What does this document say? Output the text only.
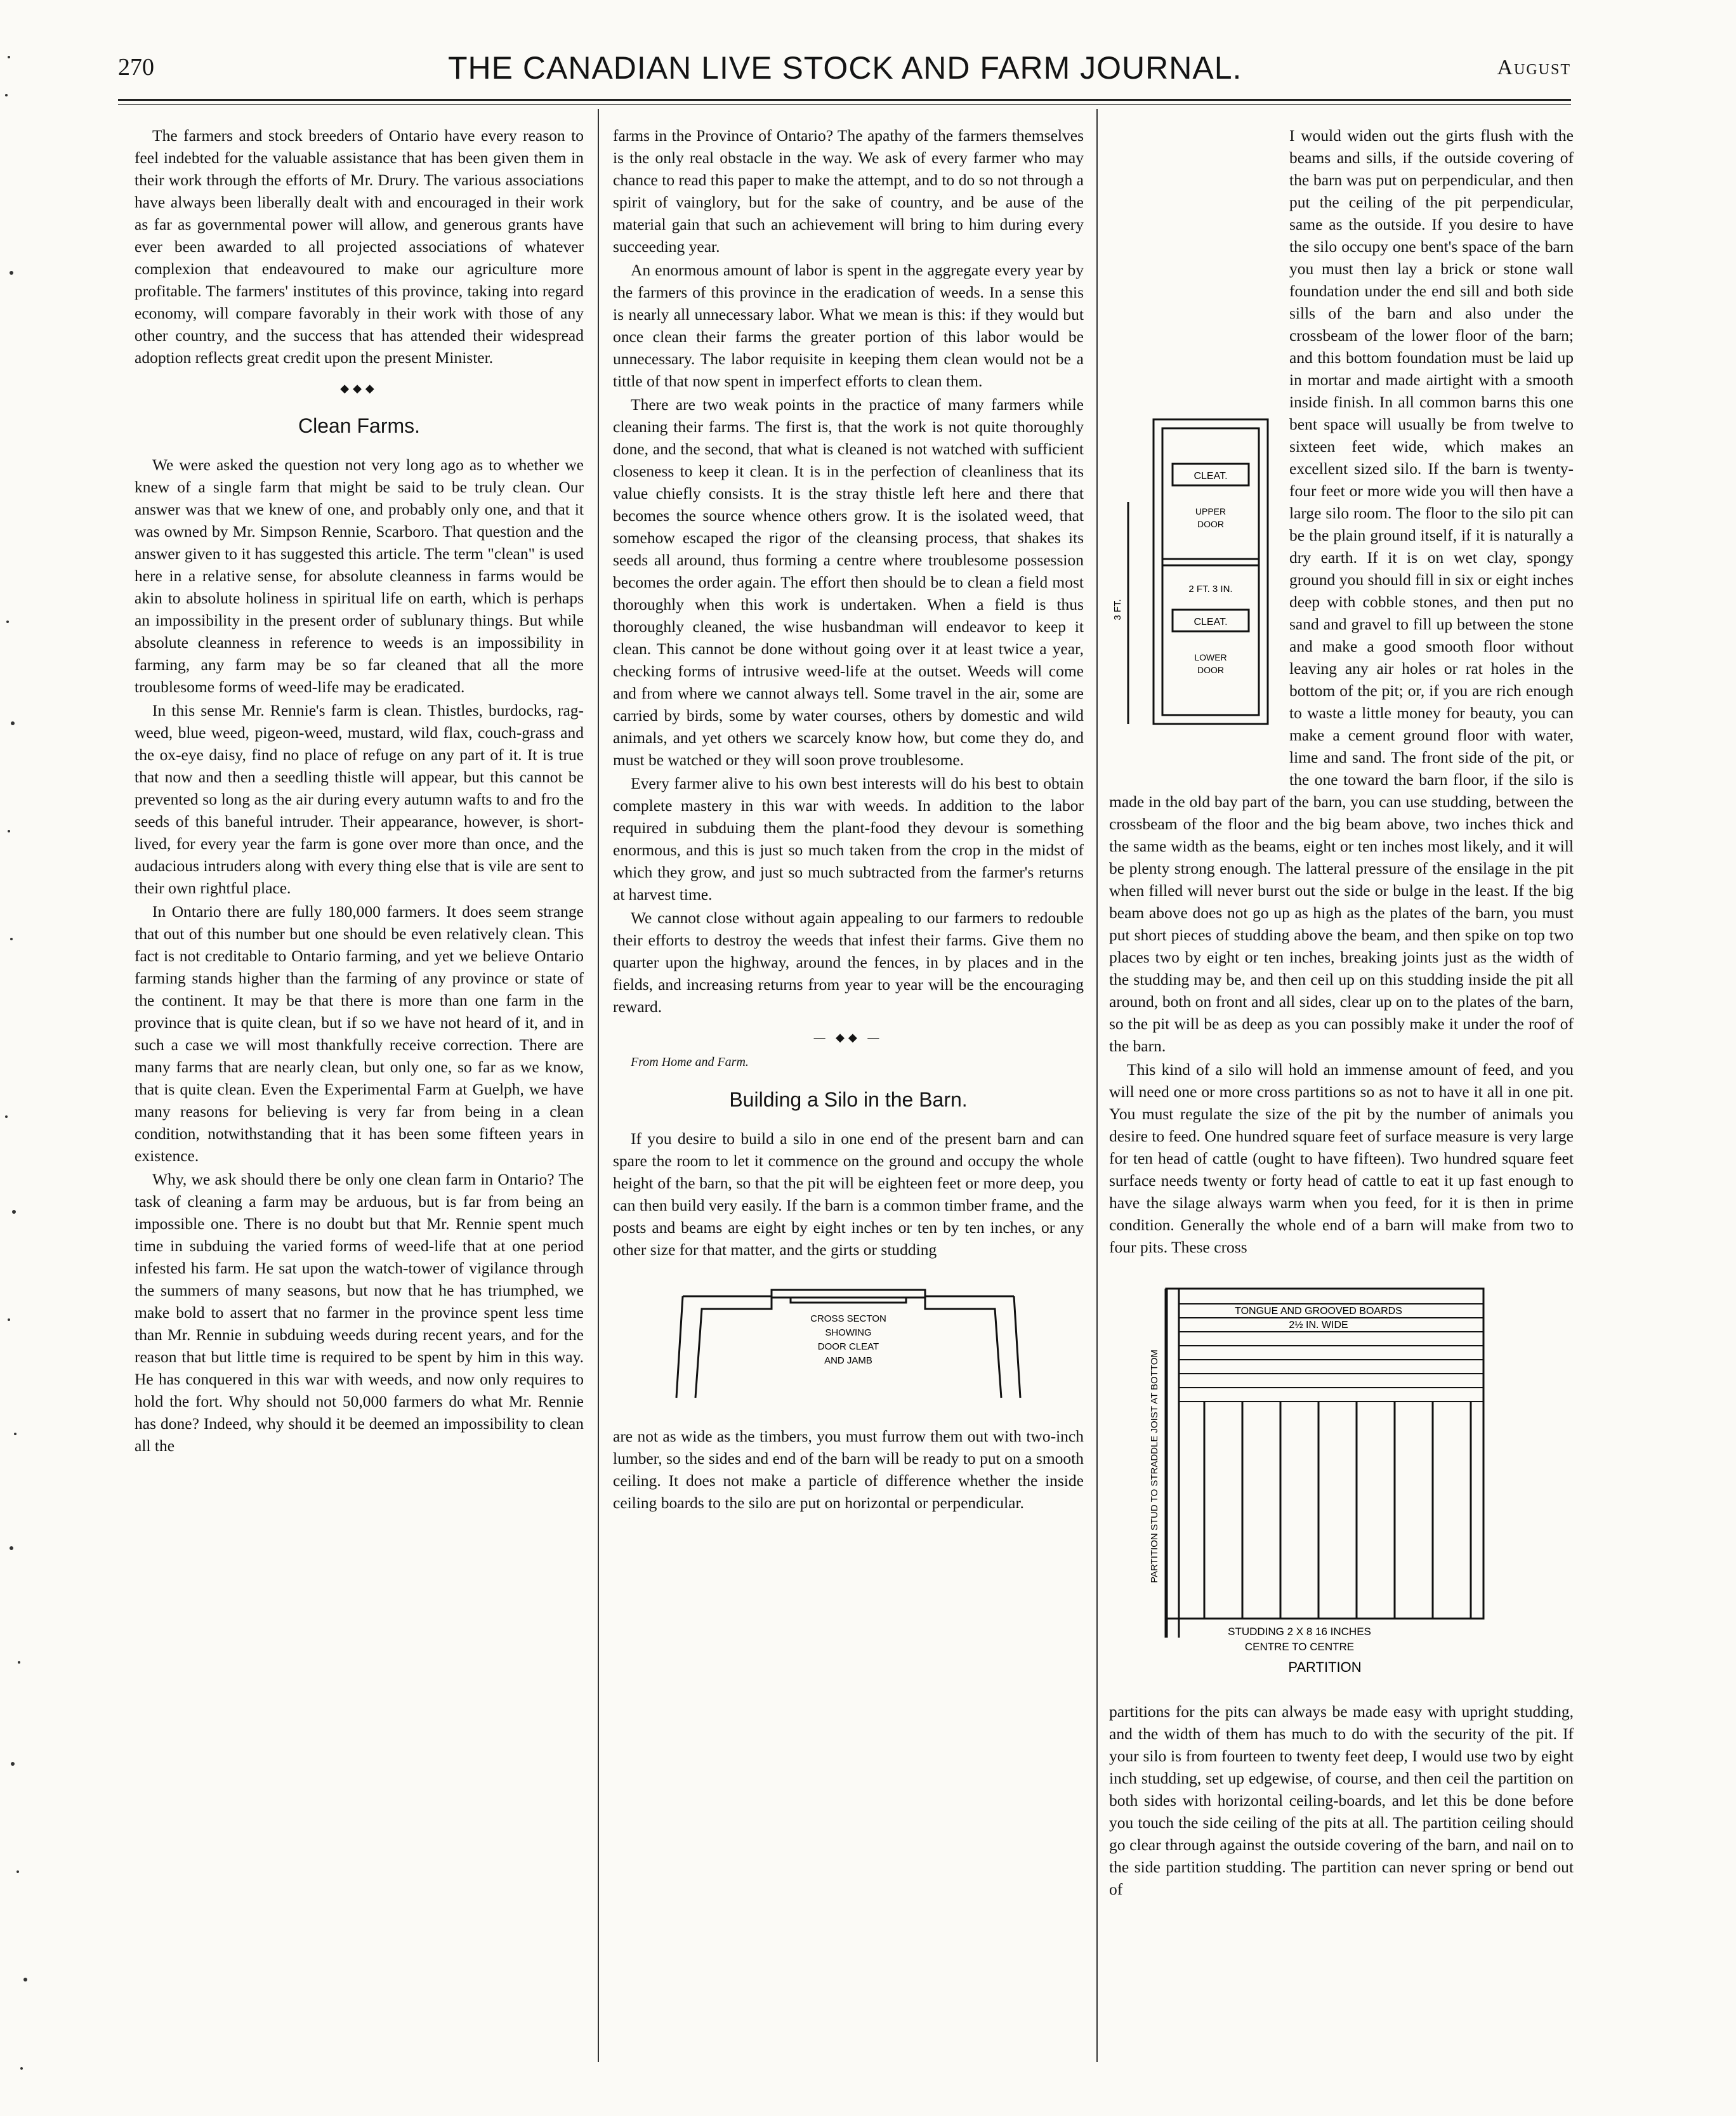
270	THE CANADIAN LIVE STOCK AND FARM JOURNAL.	August

The farmers and stock breeders of Ontario have every reason to feel indebted for the valuable assistance that has been given them in their work through the efforts of Mr. Drury. The various associations have always been liberally dealt with and encouraged in their work as far as governmental power will allow, and generous grants have ever been awarded to all projected associations of whatever complexion that endeavoured to make our agriculture more profitable. The farmers' institutes of this province, taking into regard economy, will compare favorably in their work with those of any other country, and the success that has attended their widespread adoption reflects great credit upon the present Minister.

◆◆◆
Clean Farms.

We were asked the question not very long ago as to whether we knew of a single farm that might be said to be truly clean. Our answer was that we knew of one, and probably only one, and that it was owned by Mr. Simpson Rennie, Scarboro. That question and the answer given to it has suggested this article. The term "clean" is used here in a relative sense, for absolute cleanness in farms would be akin to absolute holiness in spiritual life on earth, which is perhaps an impossibility in the present order of sublunary things. But while absolute cleanness in reference to weeds is an impossibility in farming, any farm may be so far cleaned that all the more troublesome forms of weed-life may be eradicated.

In this sense Mr. Rennie's farm is clean. Thistles, burdocks, rag-weed, blue weed, pigeon-weed, mustard, wild flax, couch-grass and the ox-eye daisy, find no place of refuge on any part of it. It is true that now and then a seedling thistle will appear, but this cannot be prevented so long as the air during every autumn wafts to and fro the seeds of this baneful intruder. Their appearance, however, is short-lived, for every year the farm is gone over more than once, and the audacious intruders along with every thing else that is vile are sent to their own rightful place.

In Ontario there are fully 180,000 farmers. It does seem strange that out of this number but one should be even relatively clean. This fact is not creditable to Ontario farming, and yet we believe Ontario farming stands higher than the farming of any province or state of the continent. It may be that there is more than one farm in the province that is quite clean, but if so we have not heard of it, and in such a case we will most thankfully receive correction. There are many farms that are nearly clean, but only one, so far as we know, that is quite clean. Even the Experimental Farm at Guelph, we have many reasons for believing is very far from being in a clean condition, notwithstanding that it has been some fifteen years in existence.

Why, we ask should there be only one clean farm in Ontario? The task of cleaning a farm may be arduous, but is far from being an impossible one. There is no doubt but that Mr. Rennie spent much time in subduing the varied forms of weed-life that at one period infested his farm. He sat upon the watch-tower of vigilance through the summers of many seasons, but now that he has triumphed, we make bold to assert that no farmer in the province spent less time than Mr. Rennie in subduing weeds during recent years, and for the reason that but little time is required to be spent by him in this way. He has conquered in this war with weeds, and now only requires to hold the fort. Why should not 50,000 farmers do what Mr. Rennie has done? Indeed, why should it be deemed an impossibility to clean all the

farms in the Province of Ontario? The apathy of the farmers themselves is the only real obstacle in the way. We ask of every farmer who may chance to read this paper to make the attempt, and to do so not through a spirit of vainglory, but for the sake of country, and be ause of the material gain that such an achievement will bring to him during every succeeding year.

An enormous amount of labor is spent in the aggregate every year by the farmers of this province in the eradication of weeds. In a sense this is nearly all unnecessary labor. What we mean is this: if they would but once clean their farms the greater portion of this labor would be unnecessary. The labor requisite in keeping them clean would not be a tittle of that now spent in imperfect efforts to clean them.

There are two weak points in the practice of many farmers while cleaning their farms. The first is, that the work is not quite thoroughly done, and the second, that what is cleaned is not watched with sufficient closeness to keep it clean. It is in the perfection of cleanliness that its value chiefly consists. It is the stray thistle left here and there that becomes the source whence others grow. It is the isolated weed, that somehow escaped the rigor of the cleansing process, that shakes its seeds all around, thus forming a centre where troublesome possession becomes the order again. The effort then should be to clean a field most thoroughly when this work is undertaken. When a field is thus thoroughly cleaned, the wise husbandman will endeavor to keep it clean. This cannot be done without going over it at least twice a year, checking forms of intrusive weed-life at the outset. Weeds will come and from where we cannot always tell. Some travel in the air, some are carried by birds, some by water courses, others by domestic and wild animals, and yet others we scarcely know how, but come they do, and must be watched or they will soon prove troublesome.

Every farmer alive to his own best interests will do his best to obtain complete mastery in this war with weeds. In addition to the labor required in subduing them the plant-food they devour is something enormous, and this is just so much taken from the crop in the midst of which they grow, and just so much subtracted from the farmer's returns at harvest time.

We cannot close without again appealing to our farmers to redouble their efforts to destroy the weeds that infest their farms. Give them no quarter upon the highway, around the fences, in by places and in the fields, and increasing returns from year to year will be the encouraging reward.

— ◆◆ —

From Home and Farm.

Building a Silo in the Barn.

If you desire to build a silo in one end of the present barn and can spare the room to let it commence on the ground and occupy the whole height of the barn, so that the pit will be eighteen feet or more deep, you can then build very easily. If the barn is a common timber frame, and the posts and beams are eight by eight inches or ten by ten inches, or any other size for that matter, and the girts or studding

CROSS SECTON
SHOWING
DOOR CLEAT
AND JAMB

are not as wide as the timbers, you must furrow them out with two-inch lumber, so the sides and end of the barn will be ready to put on a smooth ceiling. It does not make a particle of difference whether the inside ceiling boards to the silo are put on horizontal or perpendicular.

CLEAT.
UPPER
DOOR
2 FT. 3 IN.
CLEAT.
LOWER
DOOR
3 FT.

I would widen out the girts flush with the beams and sills, if the outside covering of the barn was put on perpendicular, and then put the ceiling of the pit perpendicular, same as the outside. If you desire to have the silo occupy one bent's space of the barn you must then lay a brick or stone wall foundation under the end sill and both side sills of the barn and also under the crossbeam of the lower floor of the barn; and this bottom foundation must be laid up in mortar and made airtight with a smooth inside finish. In all common barns this one bent space will usually be from twelve to sixteen feet wide, which makes an excellent sized silo. If the barn is twenty-four feet or more wide you will then have a large silo room. The floor to the silo pit can be the plain ground itself, if it is naturally a dry earth. If it is on wet clay, spongy ground you should fill in six or eight inches deep with cobble stones, and then put no sand and gravel to fill up between the stone and make a good smooth floor without leaving any air holes or rat holes in the bottom of the pit; or, if you are rich enough to waste a little money for beauty, you can make a cement ground floor with water, lime and sand. The front side of the pit, or the one toward the barn floor, if the silo is made in the old bay part of the barn, you can use studding, between the crossbeam of the floor and the big beam above, two inches thick and the same width as the beams, eight or ten inches most likely, and it will be plenty strong enough. The latteral pressure of the ensilage in the pit when filled will never burst out the side or bulge in the least. If the big beam above does not go up as high as the plates of the barn, you must put short pieces of studding above the beam, and then spike on top two places two by eight or ten inches, breaking joints just as the width of the studding may be, and then ceil up on this studding inside the pit all around, both on front and all sides, clear up on to the plates of the barn, so the pit will be as deep as you can possibly make it under the roof of the barn.

This kind of a silo will hold an immense amount of feed, and you will need one or more cross partitions so as not to have it all in one pit. You must regulate the size of the pit by the number of animals you desire to feed. One hundred square feet of surface measure is very large for ten head of cattle (ought to have fifteen). Two hundred square feet surface needs twenty or forty head of cattle to eat it up fast enough to have the silage always warm when you feed, for it is then in prime condition. Generally the whole end of a barn will make from two to four pits. These cross

PARTITION STUD TO STRADDLE JOIST AT BOTTOM
TONGUE AND GROOVED BOARDS
2½ IN. WIDE
STUDDING 2 X 8 16 INCHES
CENTRE TO CENTRE
PARTITION

partitions for the pits can always be made easy with upright studding, and the width of them has much to do with the security of the pit. If your silo is from fourteen to twenty feet deep, I would use two by eight inch studding, set up edgewise, of course, and then ceil the partition on both sides with horizontal ceiling-boards, and let this be done before you touch the side ceiling of the pits at all. The partition ceiling should go clear through against the outside covering of the barn, and nail on to the side partition studding. The partition can never spring or bend out of
